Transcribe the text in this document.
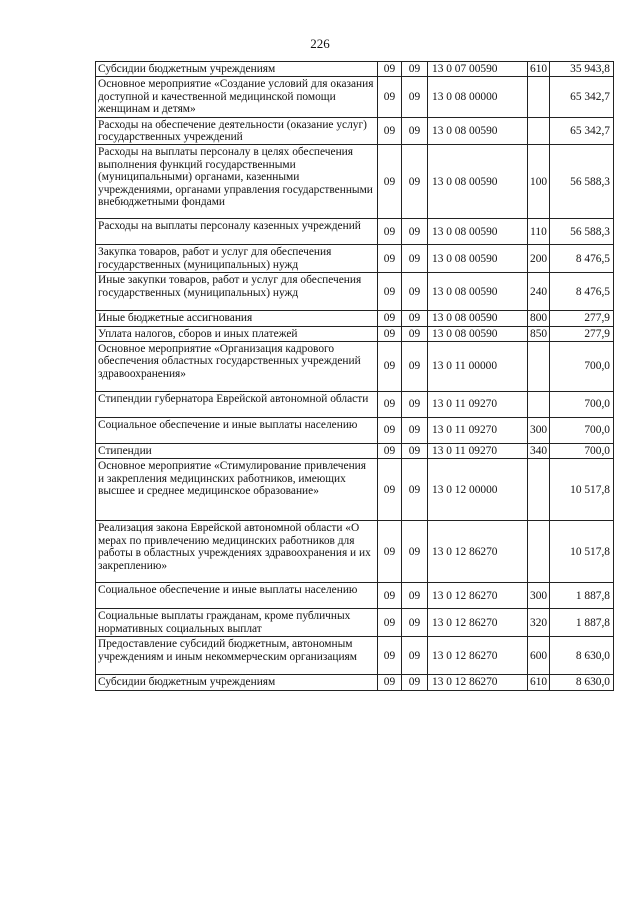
226
Субсидии бюджетным учреждениям	09	09	13 0 07 00590	610	35 943,8
Основное мероприятие «Создание условий для оказания доступной и качественной медицинской помощи женщинам и детям»	09	09	13 0 08 00000		65 342,7
Расходы на обеспечение деятельности (оказание услуг) государственных учреждений	09	09	13 0 08 00590		65 342,7
Расходы на выплаты персоналу в целях обеспечения выполнения функций государственными (муниципальными) органами, казенными учреждениями, органами управления государственными внебюджетными фондами	09	09	13 0 08 00590	100	56 588,3
Расходы на выплаты персоналу казенных учреждений	09	09	13 0 08 00590	110	56 588,3
Закупка товаров, работ и услуг для обеспечения государственных (муниципальных) нужд	09	09	13 0 08 00590	200	8 476,5
Иные закупки товаров, работ и услуг для обеспечения государственных (муниципальных) нужд	09	09	13 0 08 00590	240	8 476,5
Иные бюджетные ассигнования	09	09	13 0 08 00590	800	277,9
Уплата налогов, сборов и иных платежей	09	09	13 0 08 00590	850	277,9
Основное мероприятие «Организация кадрового обеспечения областных государственных учреждений здравоохранения»	09	09	13 0 11 00000		700,0
Стипендии губернатора Еврейской автономной области	09	09	13 0 11 09270		700,0
Социальное обеспечение и иные выплаты населению	09	09	13 0 11 09270	300	700,0
Стипендии	09	09	13 0 11 09270	340	700,0
Основное мероприятие «Стимулирование привлечения и закрепления медицинских работников, имеющих высшее и среднее медицинское образование»	09	09	13 0 12 00000		10 517,8
Реализация закона Еврейской автономной области «О мерах по привлечению медицинских работников для работы в областных учреждениях здравоохранения и их закреплению»	09	09	13 0 12 86270		10 517,8
Социальное обеспечение и иные выплаты населению	09	09	13 0 12 86270	300	1 887,8
Социальные выплаты гражданам, кроме публичных нормативных социальных выплат	09	09	13 0 12 86270	320	1 887,8
Предоставление субсидий бюджетным, автономным учреждениям и иным некоммерческим организациям	09	09	13 0 12 86270	600	8 630,0
Субсидии бюджетным учреждениям	09	09	13 0 12 86270	610	8 630,0
